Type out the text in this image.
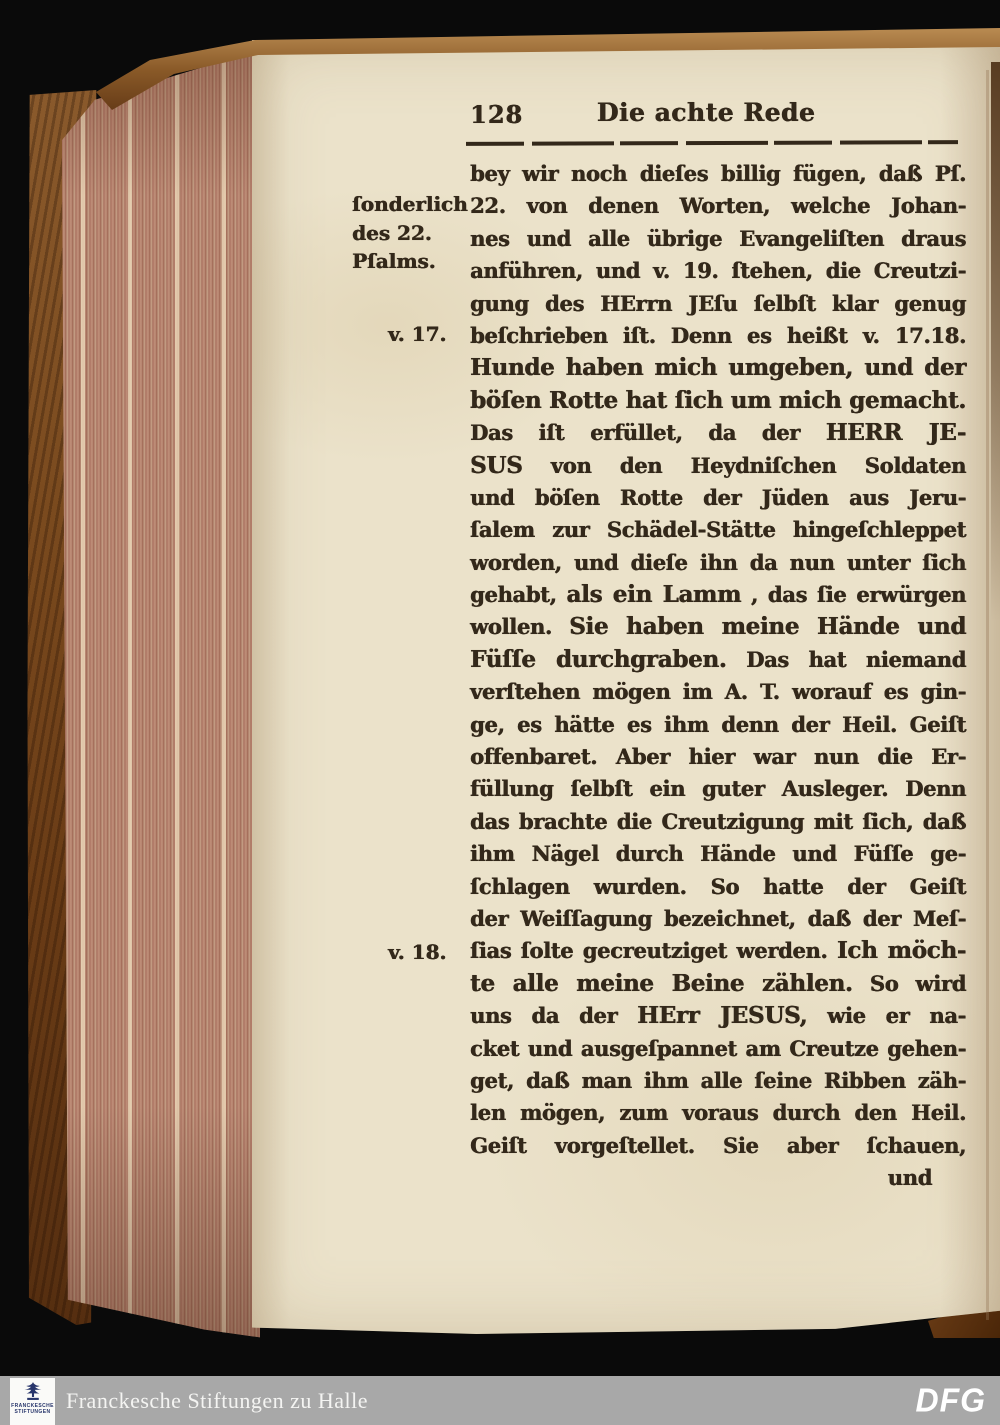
128	Die achte Rede
ſonderlich
des 22.
Pſalms.
v. 17.
v. 18.
bey wir noch dieſes billig fügen, daß Pſ.
22. von denen Worten, welche Johan-
nes und alle übrige Evangeliſten draus
anführen, und v. 19. ſtehen, die Creutzi-
gung des HErrn JEſu ſelbſt klar genug
beſchrieben iſt. Denn es heißt v. 17.18.
Hunde haben mich umgeben, und der
böſen Rotte hat ſich um mich gemacht.
Das iſt erfüllet, da der HERR JE-
SUS von den Heydniſchen Soldaten
und böſen Rotte der Jüden aus Jeru-
ſalem zur Schädel-Stätte hingeſchleppet
worden, und dieſe ihn da nun unter ſich
gehabt, als ein Lamm , das ſie erwürgen
wollen. Sie haben meine Hände und
Füſſe durchgraben. Das hat niemand
verſtehen mögen im A. T. worauf es gin-
ge, es hätte es ihm denn der Heil. Geiſt
offenbaret. Aber hier war nun die Er-
füllung ſelbſt ein guter Ausleger. Denn
das brachte die Creutzigung mit ſich, daß
ihm Nägel durch Hände und Füſſe ge-
ſchlagen wurden. So hatte der Geiſt
der Weiſſagung bezeichnet, daß der Meſ-
ſias ſolte gecreutziget werden. Ich möch-
te alle meine Beine zählen. So wird
uns da der HErr JESUS, wie er na-
cket und ausgeſpannet am Creutze gehen-
get, daß man ihm alle ſeine Ribben zäh-
len mögen, zum voraus durch den Heil.
Geiſt vorgeſtellet. Sie aber ſchauen,
und
FRANCKESCHE
STIFTUNGEN Franckesche Stiftungen zu Halle	DFG
